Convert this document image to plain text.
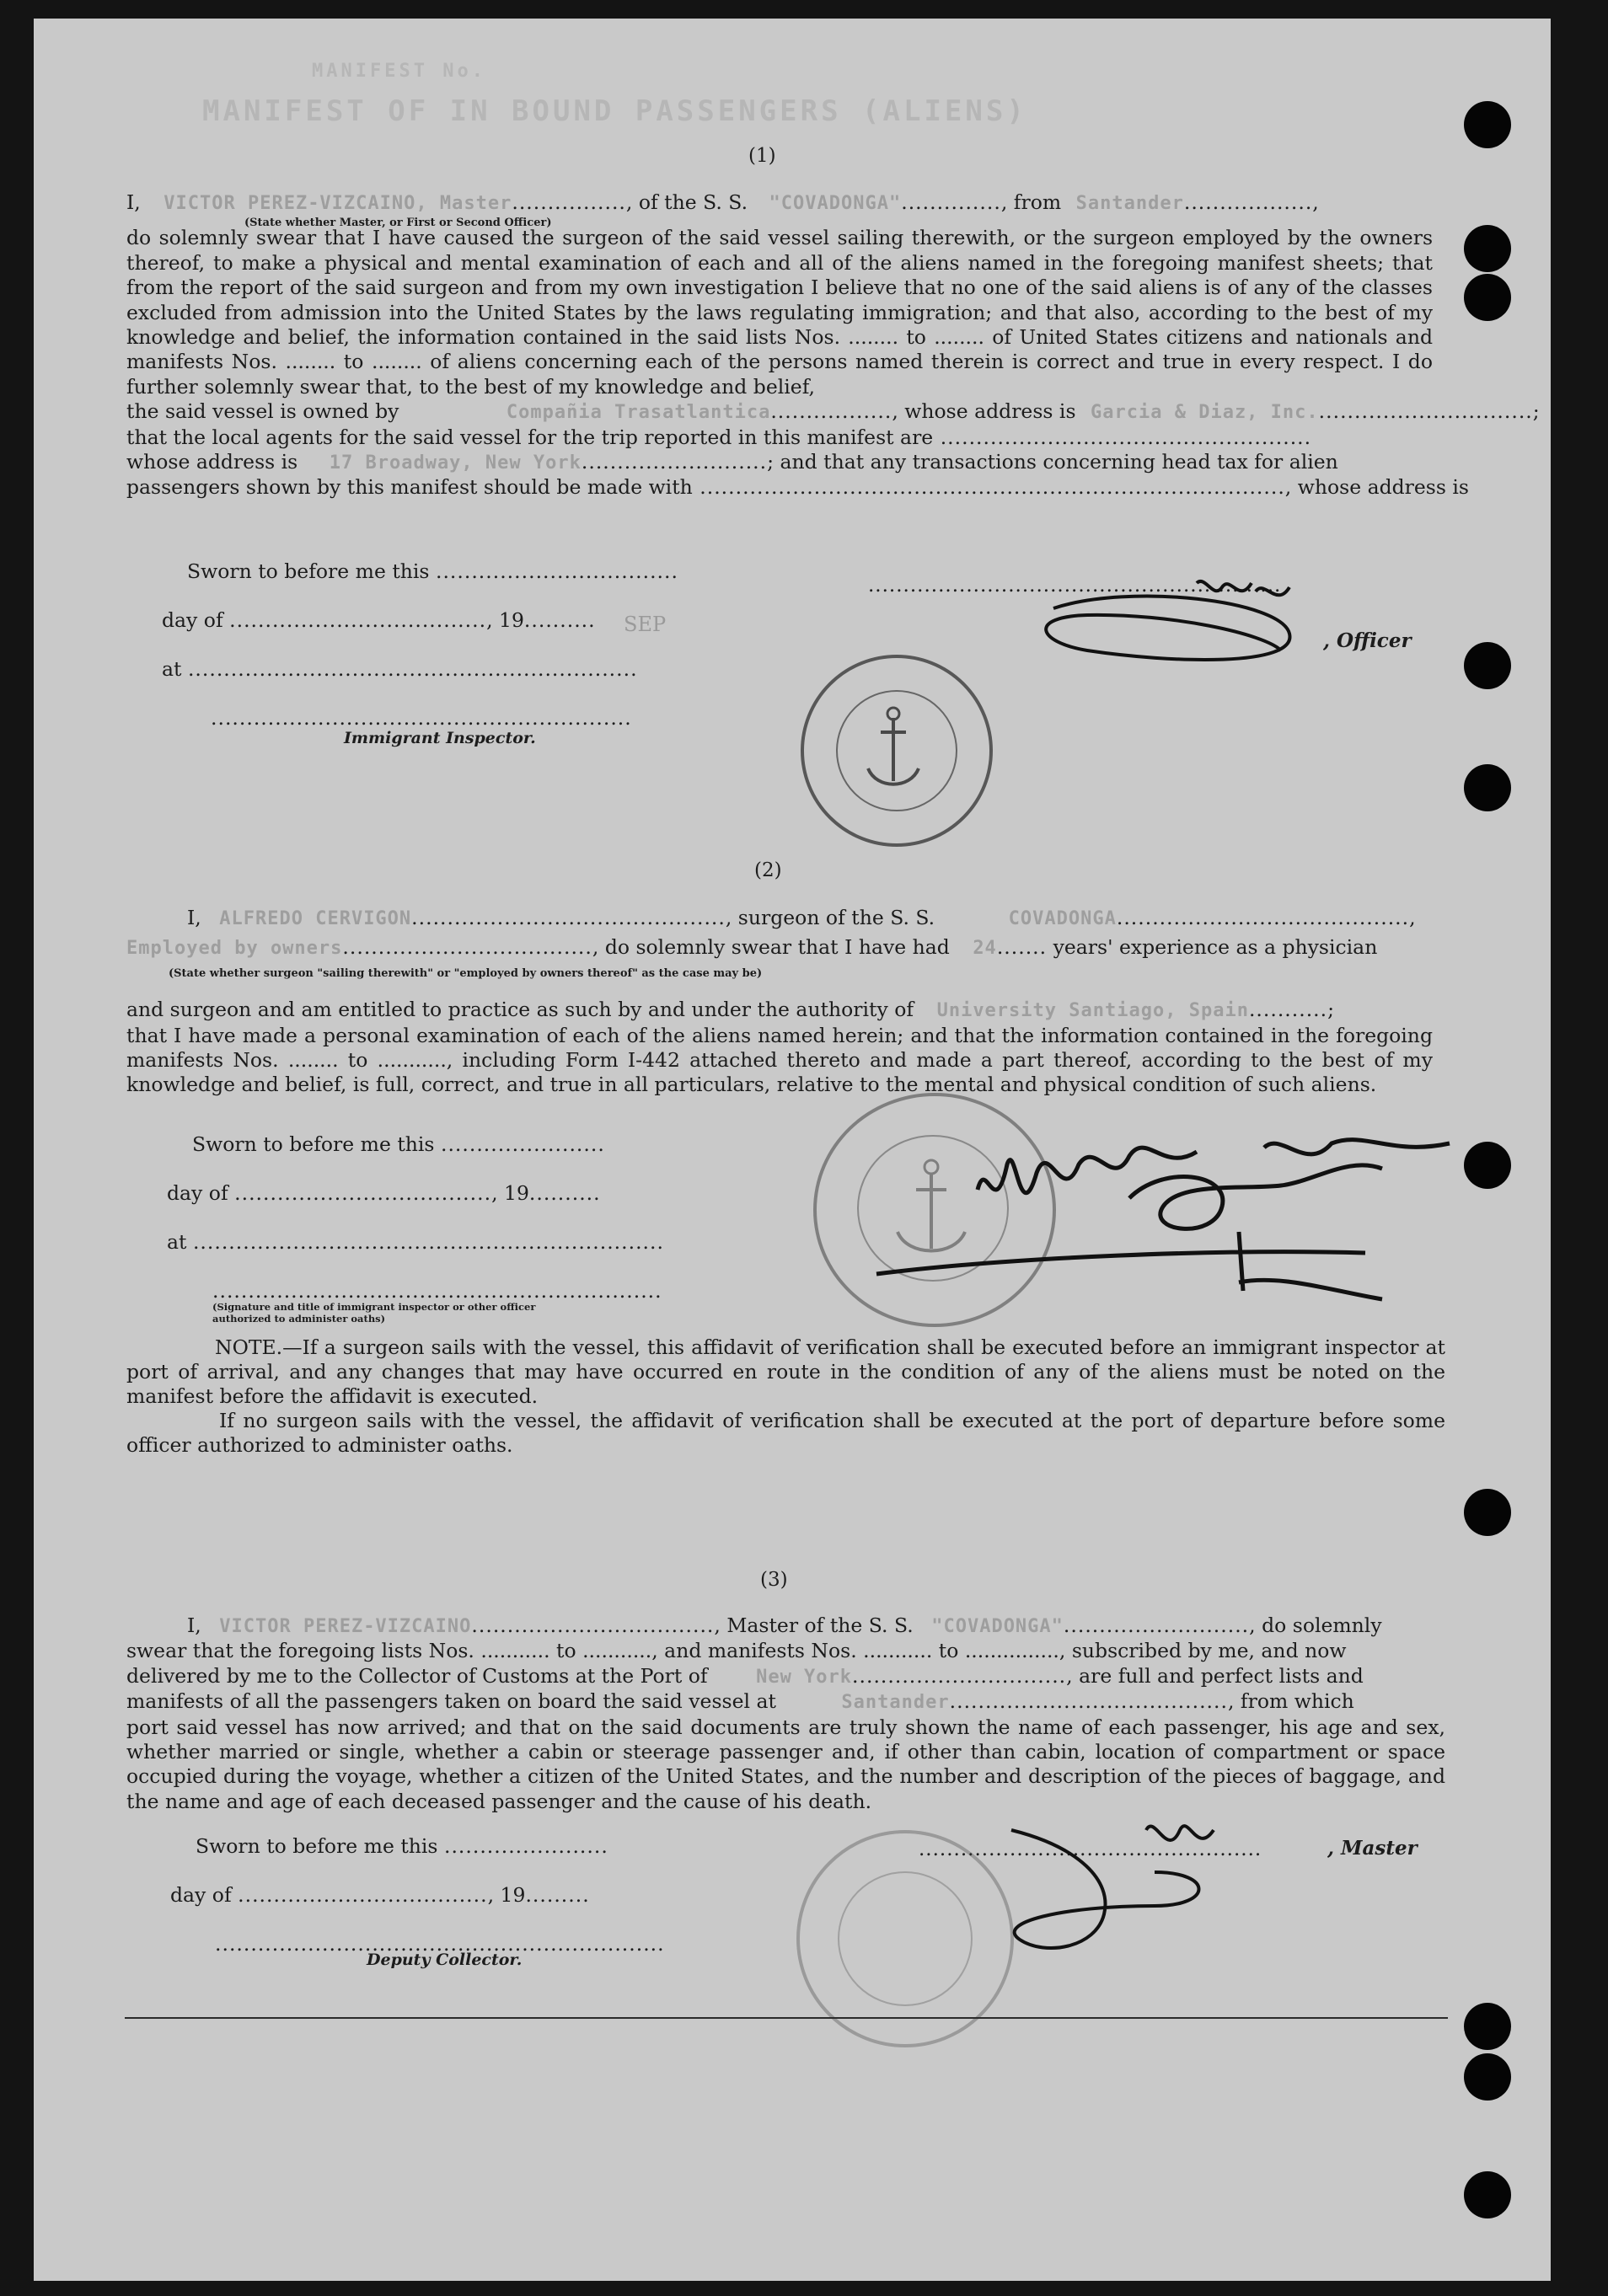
MANIFEST OF IN BOUND PASSENGERS (ALIENS)
MANIFEST No.
(1)
I, VICTOR PEREZ-VIZCAINO, Master................, of the S. S. "COVADONGA".............., from Santander..................,
(State whether Master, or First or Second Officer)
do solemnly swear that I have caused the surgeon of the said vessel sailing therewith, or the surgeon employed by the owners thereof, to make a physical and mental examination of each and all of the aliens named in the foregoing manifest sheets; that from the report of the said surgeon and from my own investigation I believe that no one of the said aliens is of any of the classes excluded from admission into the United States by the laws regulating immigration; and that also, according to the best of my knowledge and belief, the information contained in the said lists Nos. ........ to ........ of United States citizens and nationals and manifests Nos. ........ to ........ of aliens concerning each of the persons named therein is correct and true in every respect. I do further solemnly swear that, to the best of my knowledge and belief,
the said vessel is owned by	Compañia Trasatlantica................., whose address is Garcia & Diaz, Inc...............................;
that the local agents for the said vessel for the trip reported in this manifest are ....................................................
whose address is 17 Broadway, New York..........................; and that any transactions concerning head tax for alien
passengers shown by this manifest should be made with .................................................................................., whose address is
Sworn to before me this ..................................
day of ...................................., 19..........
at ...............................................................
...........................................................
Immigrant Inspector.
SEP
...........................................................
, Officer
(2)
I, ALFREDO CERVIGON............................................, surgeon of the S. S.	COVADONGA.........................................,
Employed by owners..................................., do solemnly swear that I have had 24....... years' experience as a physician
(State whether surgeon "sailing therewith" or "employed by owners thereof" as the case may be)
and surgeon and am entitled to practice as such by and under the authority of University Santiago, Spain...........;
that I have made a personal examination of each of the aliens named herein; and that the information contained in the foregoing manifests Nos. ........ to ..........., including Form I-442 attached thereto and made a part thereof, according to the best of my knowledge and belief, is full, correct, and true in all particulars, relative to the mental and physical condition of such aliens.
Sworn to before me this .......................
day of ...................................., 19..........
at ..................................................................
...............................................................
(Signature and title of immigrant inspector or other officer authorized to administer oaths)
NOTE.—If a surgeon sails with the vessel, this affidavit of verification shall be executed before an immigrant inspector at port of arrival, and any changes that may have occurred en route in the condition of any of the aliens must be noted on the manifest before the affidavit is executed.
If no surgeon sails with the vessel, the affidavit of verification shall be executed at the port of departure before some officer authorized to administer oaths.
(3)
I, VICTOR PEREZ-VIZCAINO.................................., Master of the S. S. "COVADONGA".........................., do solemnly
swear that the foregoing lists Nos. ........... to ..........., and manifests Nos. ........... to ..............., subscribed by me, and now
delivered by me to the Collector of Customs at the Port of	New York.............................., are full and perfect lists and
manifests of all the passengers taken on board the said vessel at	Santander......................................., from which
port said vessel has now arrived; and that on the said documents are truly shown the name of each passenger, his age and sex, whether married or single, whether a cabin or steerage passenger and, if other than cabin, location of compartment or space occupied during the voyage, whether a citizen of the United States, and the number and description of the pieces of baggage, and the name and age of each deceased passenger and the cause of his death.
Sworn to before me this .......................
day of ..................................., 19.........
...............................................................
Deputy Collector.
.................................................	, Master
